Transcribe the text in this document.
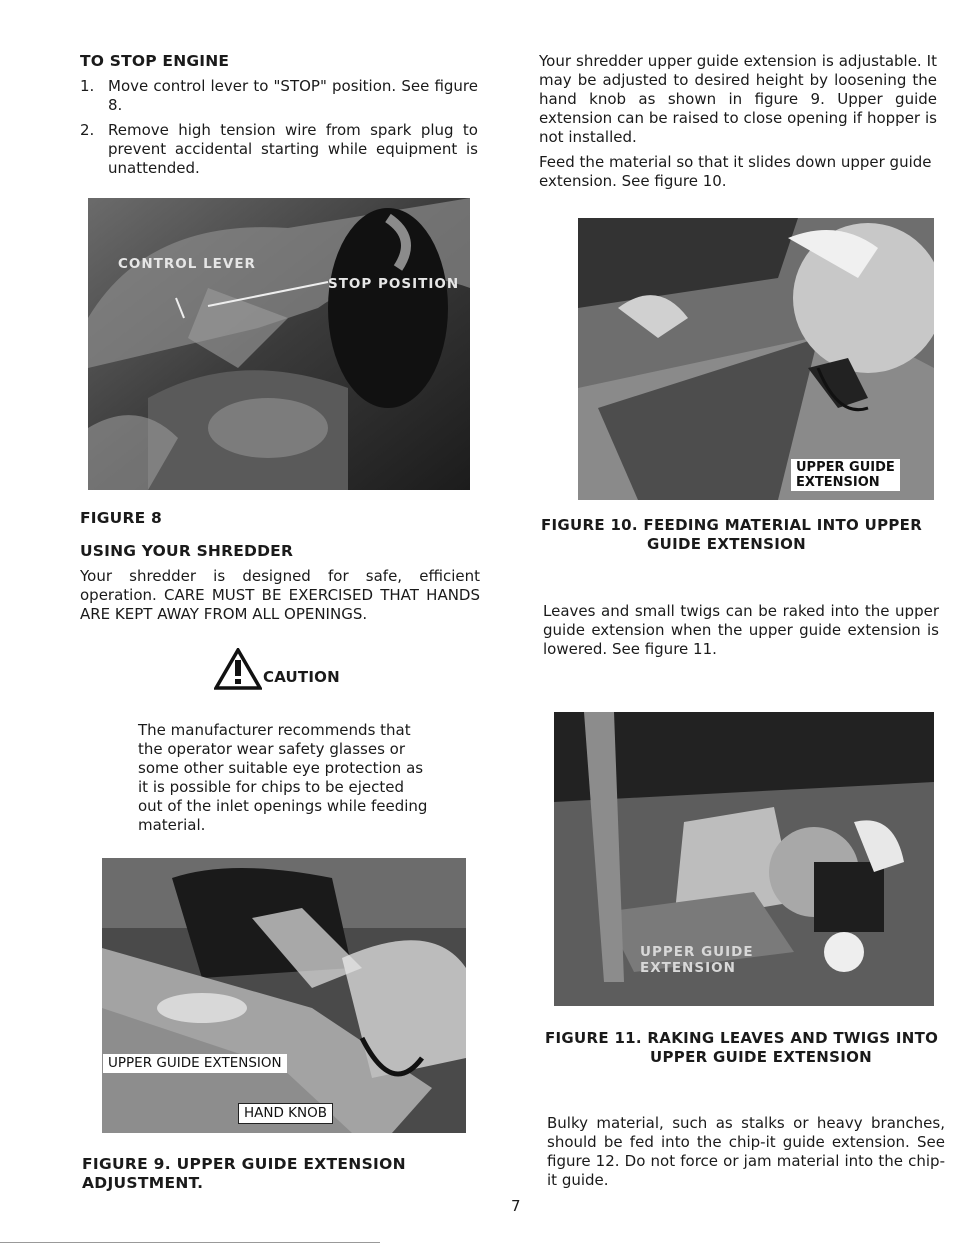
TO STOP ENGINE
1. Move control lever to "STOP" position. See figure 8.
2. Remove high tension wire from spark plug to prevent accidental starting while equipment is unattended.
CONTROL LEVER
STOP POSITION
FIGURE 8
USING YOUR SHREDDER
Your shredder is designed for safe, efficient operation. CARE MUST BE EXERCISED THAT HANDS ARE KEPT AWAY FROM ALL OPENINGS.
CAUTION
The manufacturer recommends that the operator wear safety glasses or some other suitable eye protection as it is possible for chips to be ejected out of the inlet openings while feeding material.
UPPER GUIDE EXTENSION
HAND KNOB
FIGURE 9. UPPER GUIDE EXTENSION ADJUSTMENT.
Your shredder upper guide extension is adjustable. It may be adjusted to desired height by loosening the hand knob as shown in figure 9. Upper guide extension can be raised to close opening if hopper is not installed.
Feed the material so that it slides down upper guide extension. See figure 10.
UPPER GUIDE
EXTENSION
FIGURE 10. FEEDING MATERIAL INTO UPPER
GUIDE EXTENSION
Leaves and small twigs can be raked into the upper guide extension when the upper guide extension is lowered. See figure 11.
UPPER GUIDE
EXTENSION
FIGURE 11. RAKING LEAVES AND TWIGS INTO
UPPER GUIDE EXTENSION
Bulky material, such as stalks or heavy branches, should be fed into the chip-it guide extension. See figure 12. Do not force or jam material into the chip-it guide.
7
